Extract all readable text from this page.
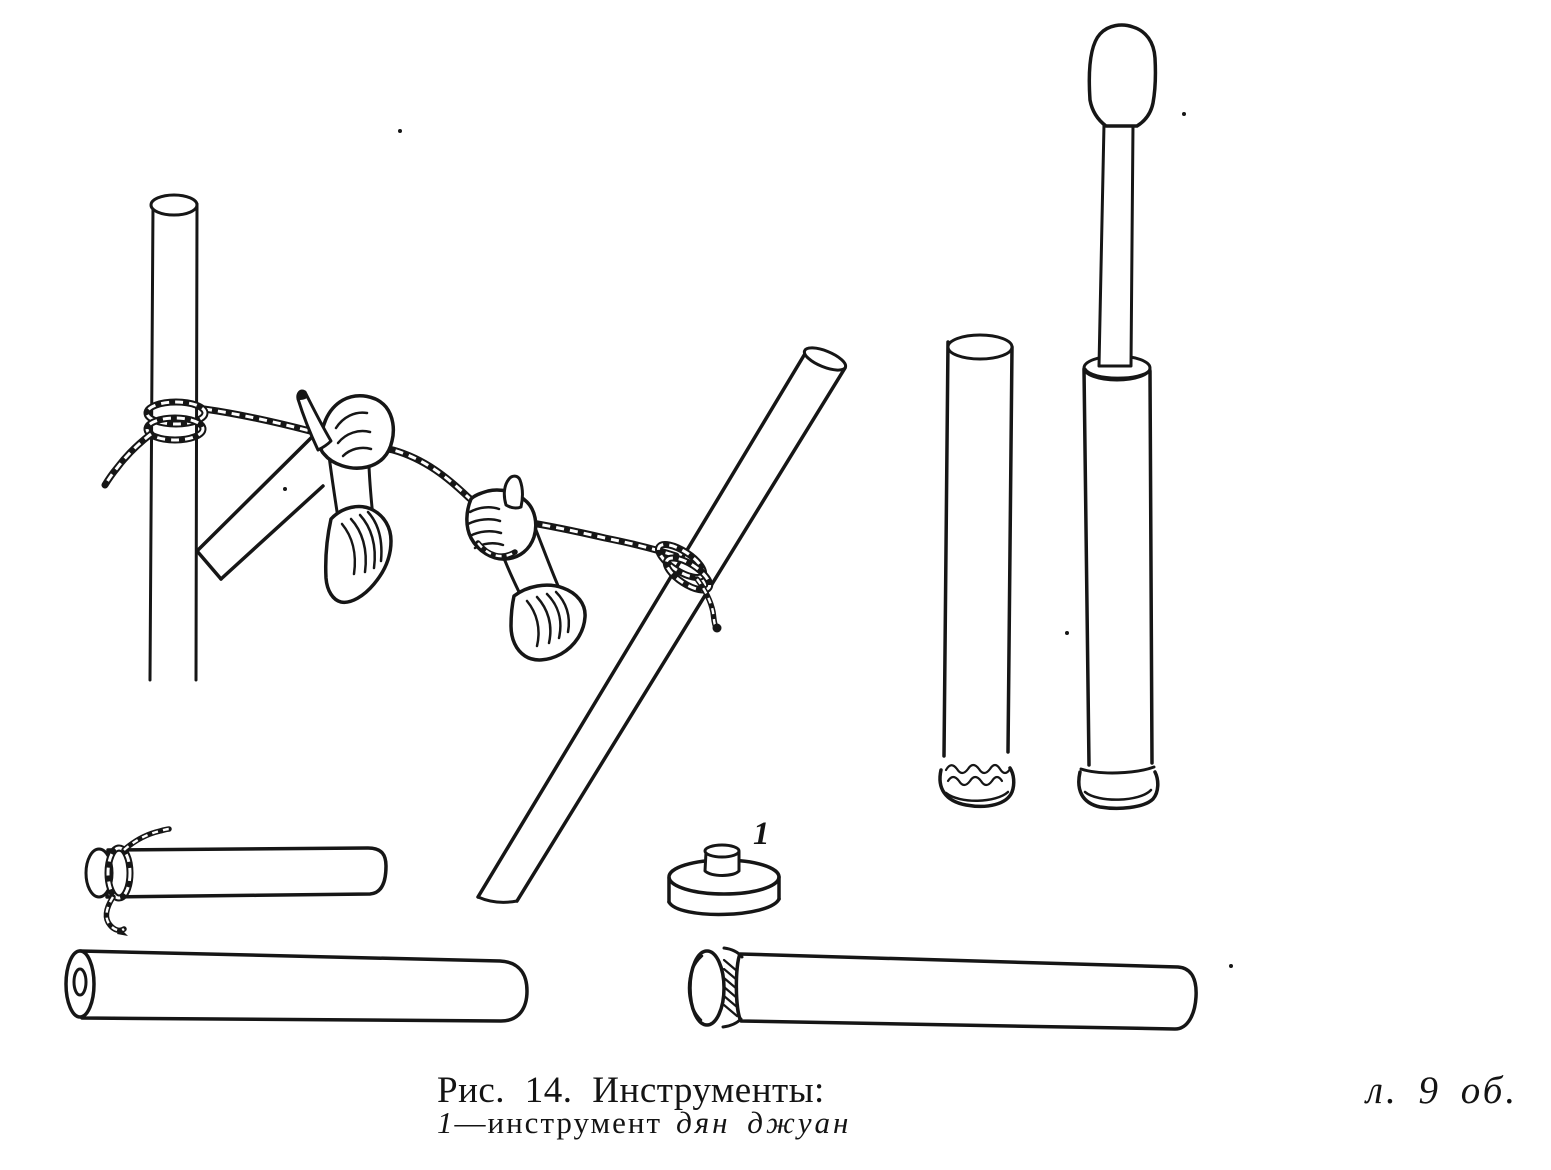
1
Рис. 14. Инструменты:
1—инструмент дян джуан
л. 9 об.
